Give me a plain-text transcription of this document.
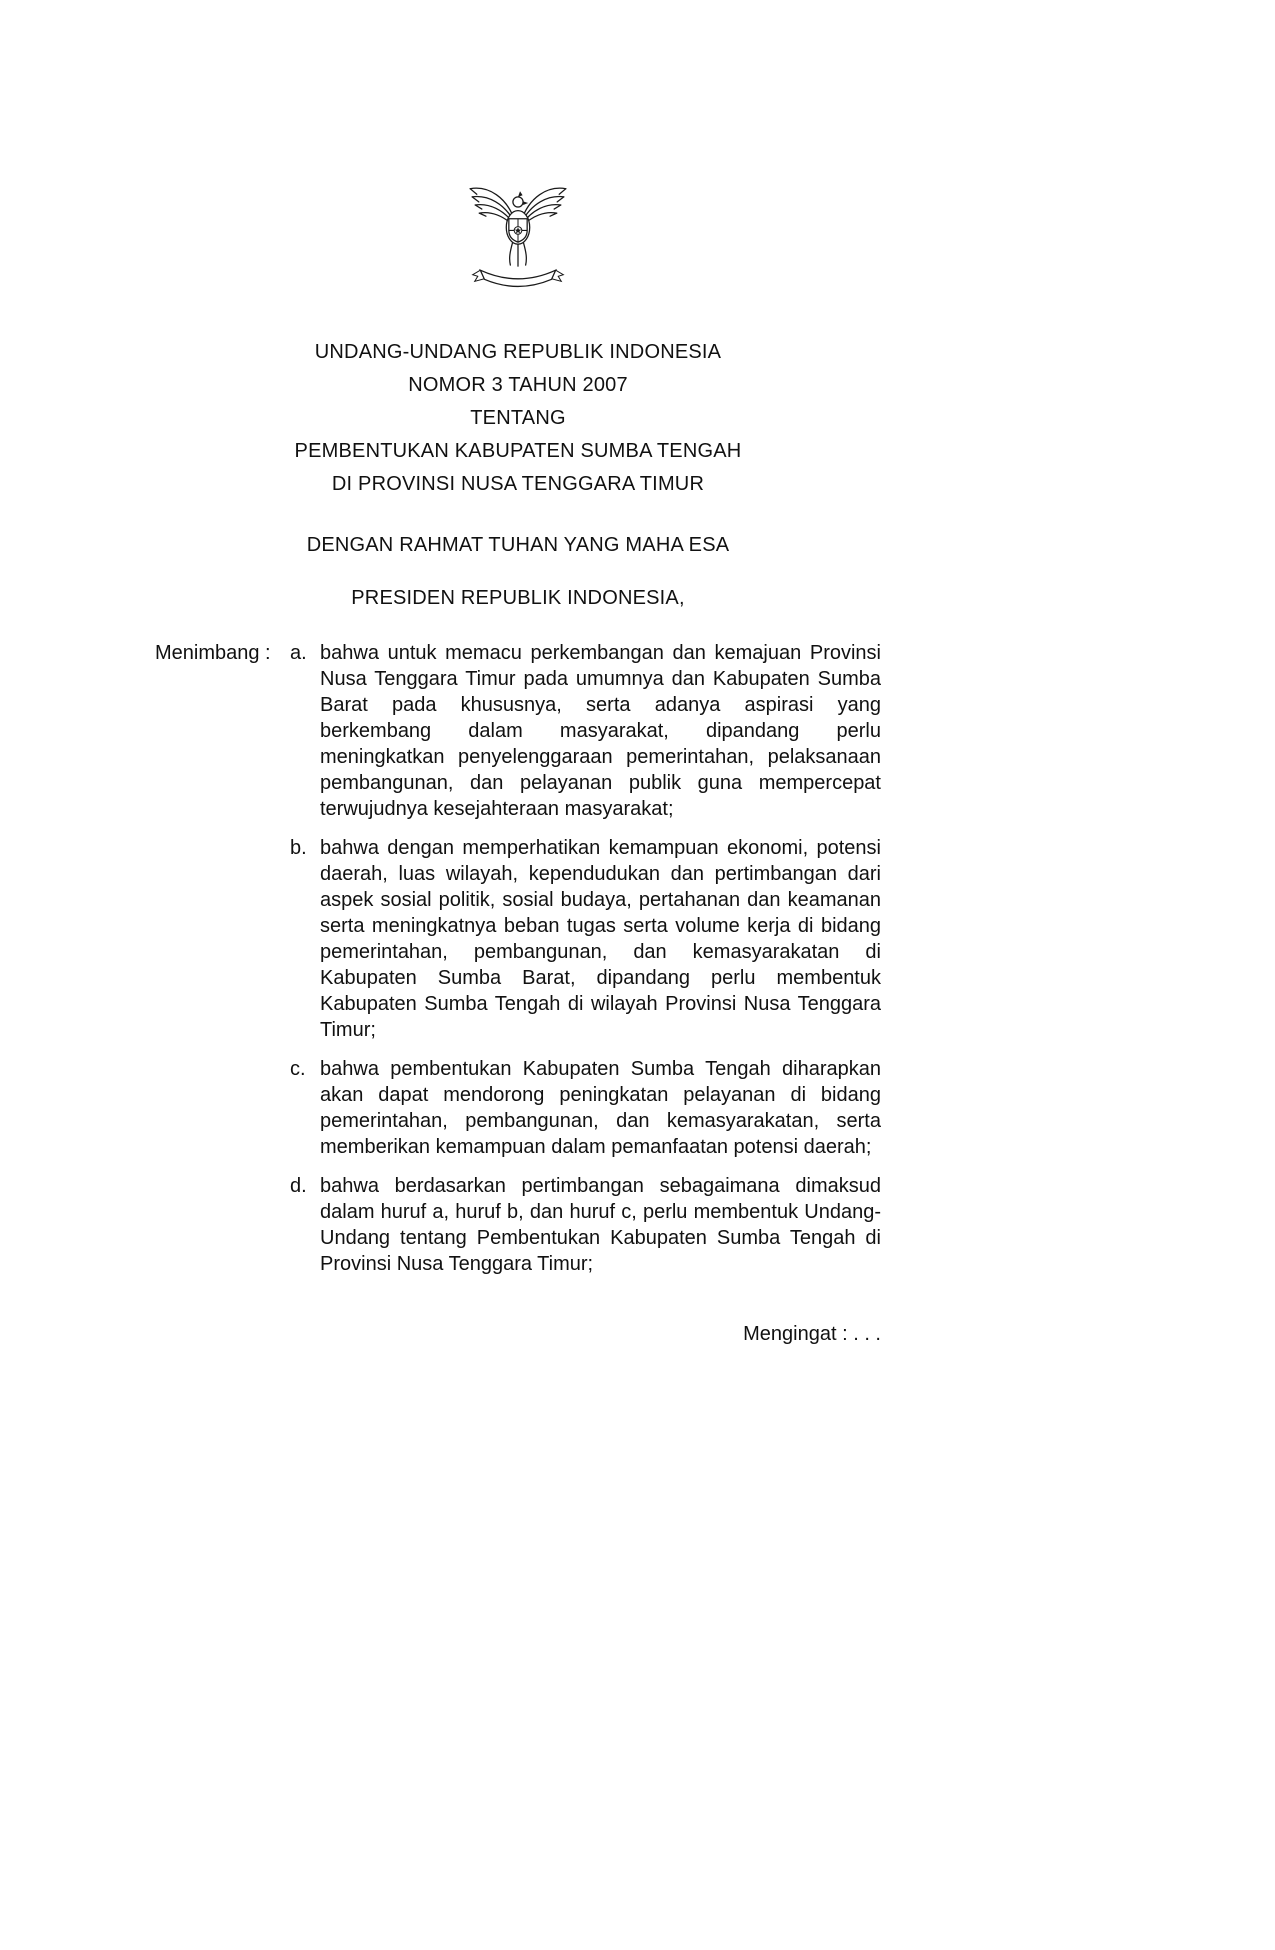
UNDANG-UNDANG REPUBLIK INDONESIA
NOMOR 3 TAHUN 2007
TENTANG
PEMBENTUKAN KABUPATEN SUMBA TENGAH
DI PROVINSI NUSA TENGGARA TIMUR
DENGAN RAHMAT TUHAN YANG MAHA ESA
PRESIDEN REPUBLIK INDONESIA,
Menimbang : a. bahwa untuk memacu perkembangan dan kemajuan Provinsi Nusa Tenggara Timur pada umumnya dan Kabupaten Sumba Barat pada khususnya, serta adanya aspirasi yang berkembang dalam masyarakat, dipandang perlu meningkatkan penyelenggaraan pemerintahan, pelaksanaan pembangunan, dan pelayanan publik guna mempercepat terwujudnya kesejahteraan masyarakat;
b. bahwa dengan memperhatikan kemampuan ekonomi, potensi daerah, luas wilayah, kependudukan dan pertimbangan dari aspek sosial politik, sosial budaya, pertahanan dan keamanan serta meningkatnya beban tugas serta volume kerja di bidang pemerintahan, pembangunan, dan kemasyarakatan di Kabupaten Sumba Barat, dipandang perlu membentuk Kabupaten Sumba Tengah di wilayah Provinsi Nusa Tenggara Timur;
c. bahwa pembentukan Kabupaten Sumba Tengah diharapkan akan dapat mendorong peningkatan pelayanan di bidang pemerintahan, pembangunan, dan kemasyarakatan, serta memberikan kemampuan dalam pemanfaatan potensi daerah;
d. bahwa berdasarkan pertimbangan sebagaimana dimaksud dalam huruf a, huruf b, dan huruf c, perlu membentuk Undang-Undang tentang Pembentukan Kabupaten Sumba Tengah di Provinsi Nusa Tenggara Timur;
Mengingat : . . .
